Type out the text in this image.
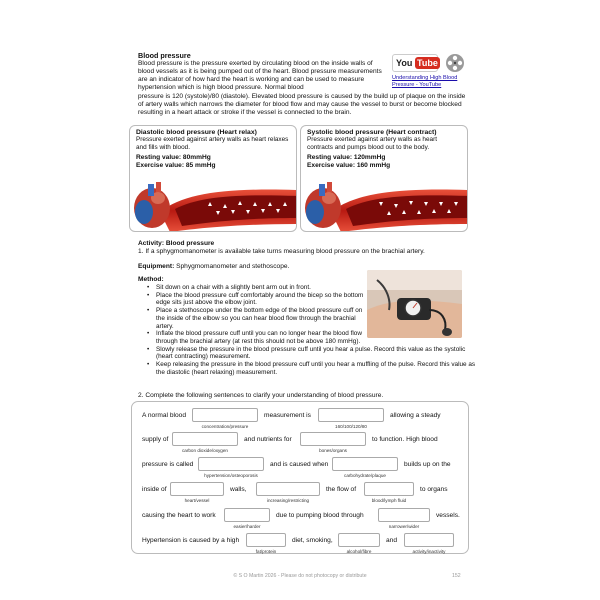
Blood pressure
Blood pressure is the pressure exerted by circulating blood on the inside walls of blood vessels as it is being pumped out of the heart. Blood pressure measurements are an indicator of how hard the heart is working and can be used to measure hypertension which is high blood pressure. Normal blood
pressure is 120 (systole)/80 (diastole). Elevated blood pressure is caused by the build up of plaque on the inside of artery walls which narrows the diameter for blood flow and may cause the vessel to burst or become blocked resulting in a heart attack or stroke if the vessel is connected to the brain.
You Tube
Understanding High Blood Pressure - YouTube
Diastolic blood pressure (Heart relax)

Pressure exerted against artery walls as heart relaxes and fills with blood.

Resting value: 80mmHg
Exercise value: 85 mmHg
Systolic blood pressure (Heart contract)

Pressure exerted against artery walls as heart contracts and pumps blood out to the body.

Resting value: 120mmHg
Exercise value: 160 mmHg
Activity: Blood pressure
1. If a sphygmomanometer is available take turns measuring blood pressure on the brachial artery.
Equipment: Sphygmomanometer and stethoscope.
Method:
• Sit down on a chair with a slightly bent arm out in front.
• Place the blood pressure cuff comfortably around the bicep so the bottom edge sits just above the elbow joint.
• Place a stethoscope under the bottom edge of the blood pressure cuff on the inside of the elbow so you can hear blood flow through the brachial artery.
• Inflate the blood pressure cuff until you can no longer hear the blood flow through the brachial artery (at rest this should not be above 180 mmHg).
• Slowly release the pressure in the blood pressure cuff until you hear a pulse. Record this value as the systolic (heart contracting) measurement.
• Keep releasing the pressure in the blood pressure cuff until you hear a muffling of the pulse. Record this value as the diastolic (heart relaxing) measurement.
2. Complete the following sentences to clarify your understanding of blood pressure.
A normal blood	measurement is	allowing a steady
concentration/pressure	160/100/120/80
supply of	and nutrients for	to function. High blood
carbon dioxide/oxygen	bones/organs
pressure is called	and is caused when	builds up on the
hypertension/osteoporosis	carbohydrate/plaque
inside of	walls,	the flow of	to organs
heart/vessel	increasing/restricting	blood/lymph fluid
causing the heart to work	due to pumping blood through	vessels.
easier/harder	narrower/wider
Hypertension is caused by a high	diet, smoking,	and
fat/protein	alcohol/fibre	activity/inactivity
© S O Martin 2026 - Please do not photocopy or distribute	152
